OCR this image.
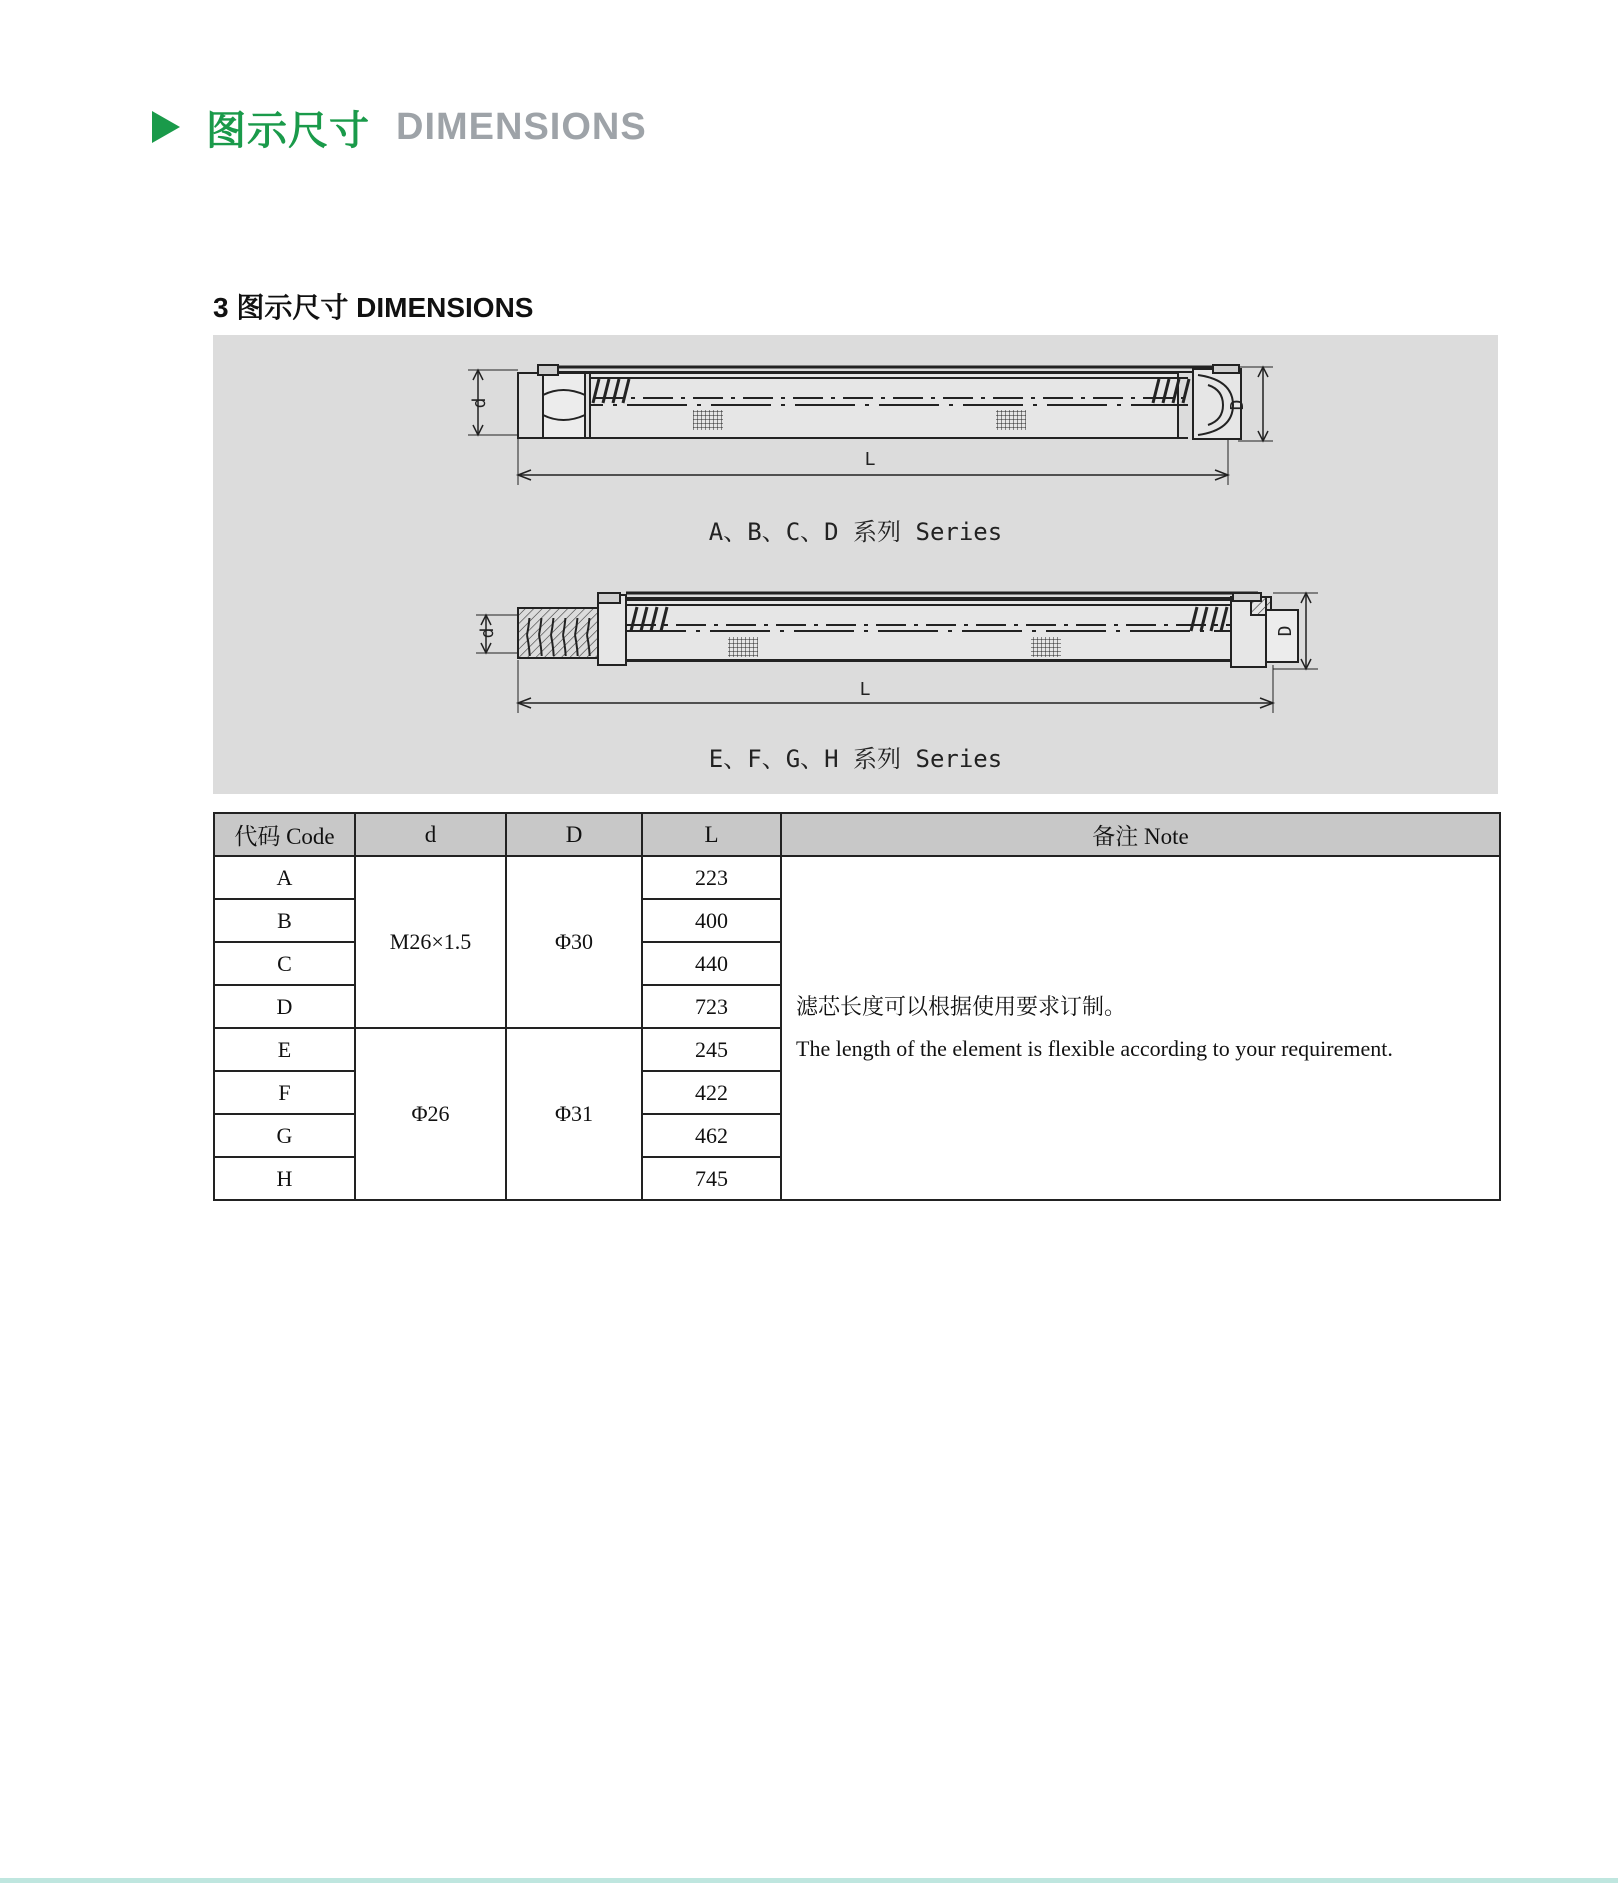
图示尺寸 DIMENSIONS
3 图示尺寸 DIMENSIONS
d	D
L
d	D
L
A、B、C、D 系列 Series
E、F、G、H 系列 Series
代码 Code	d	D	L	备注 Note
A	M26×1.5	Φ30	223	滤芯长度可以根据使用要求订制。
The length of the element is flexible according to your requirement.

B			400	
C			440	
D			723	
E	Φ26	Φ31	245	
F			422	
G			462	
H			745	
